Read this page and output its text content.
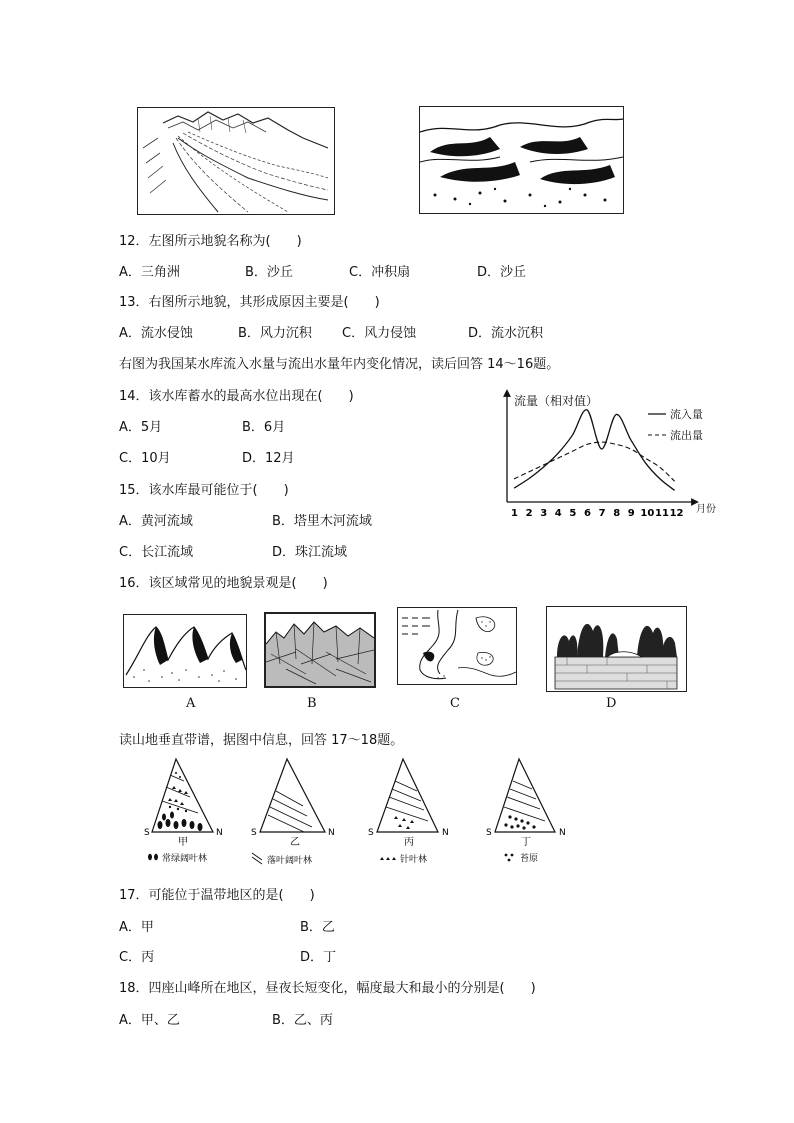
12．左图所示地貌名称为(　　)
A．三角洲	B．沙丘	C．冲积扇	D．沙丘
13．右图所示地貌，其形成原因主要是(　　)
A．流水侵蚀	B．风力沉积 C．风力侵蚀	D．流水沉积
右图为我国某水库流入水量与流出水量年内变化情况，读后回答 14～16题。
14．该水库蓄水的最高水位出现在(　　)
A．5月	B．6月
C．10月	D．12月
15．该水库最可能位于(　　)
A．黄河流域	B．塔里木河流域
C．长江流域	D．珠江流域
流量（相对值）
月份
1 2 3 4 5 6 7 8 9 10 11 12
流入量
流出量
16．该区域常见的地貌景观是(　　)
A	B	C	D
读山地垂直带谱，据图中信息，回答 17～18题。
S	N	S	N	S	N	S	N
甲	乙	丙	丁
常绿阔叶林	落叶阔叶林	针叶林	苔原
17．可能位于温带地区的是(　　)
A．甲	B．乙
C．丙	D．丁
18．四座山峰所在地区，昼夜长短变化，幅度最大和最小的分别是(　　)
A．甲、乙	B．乙、丙
